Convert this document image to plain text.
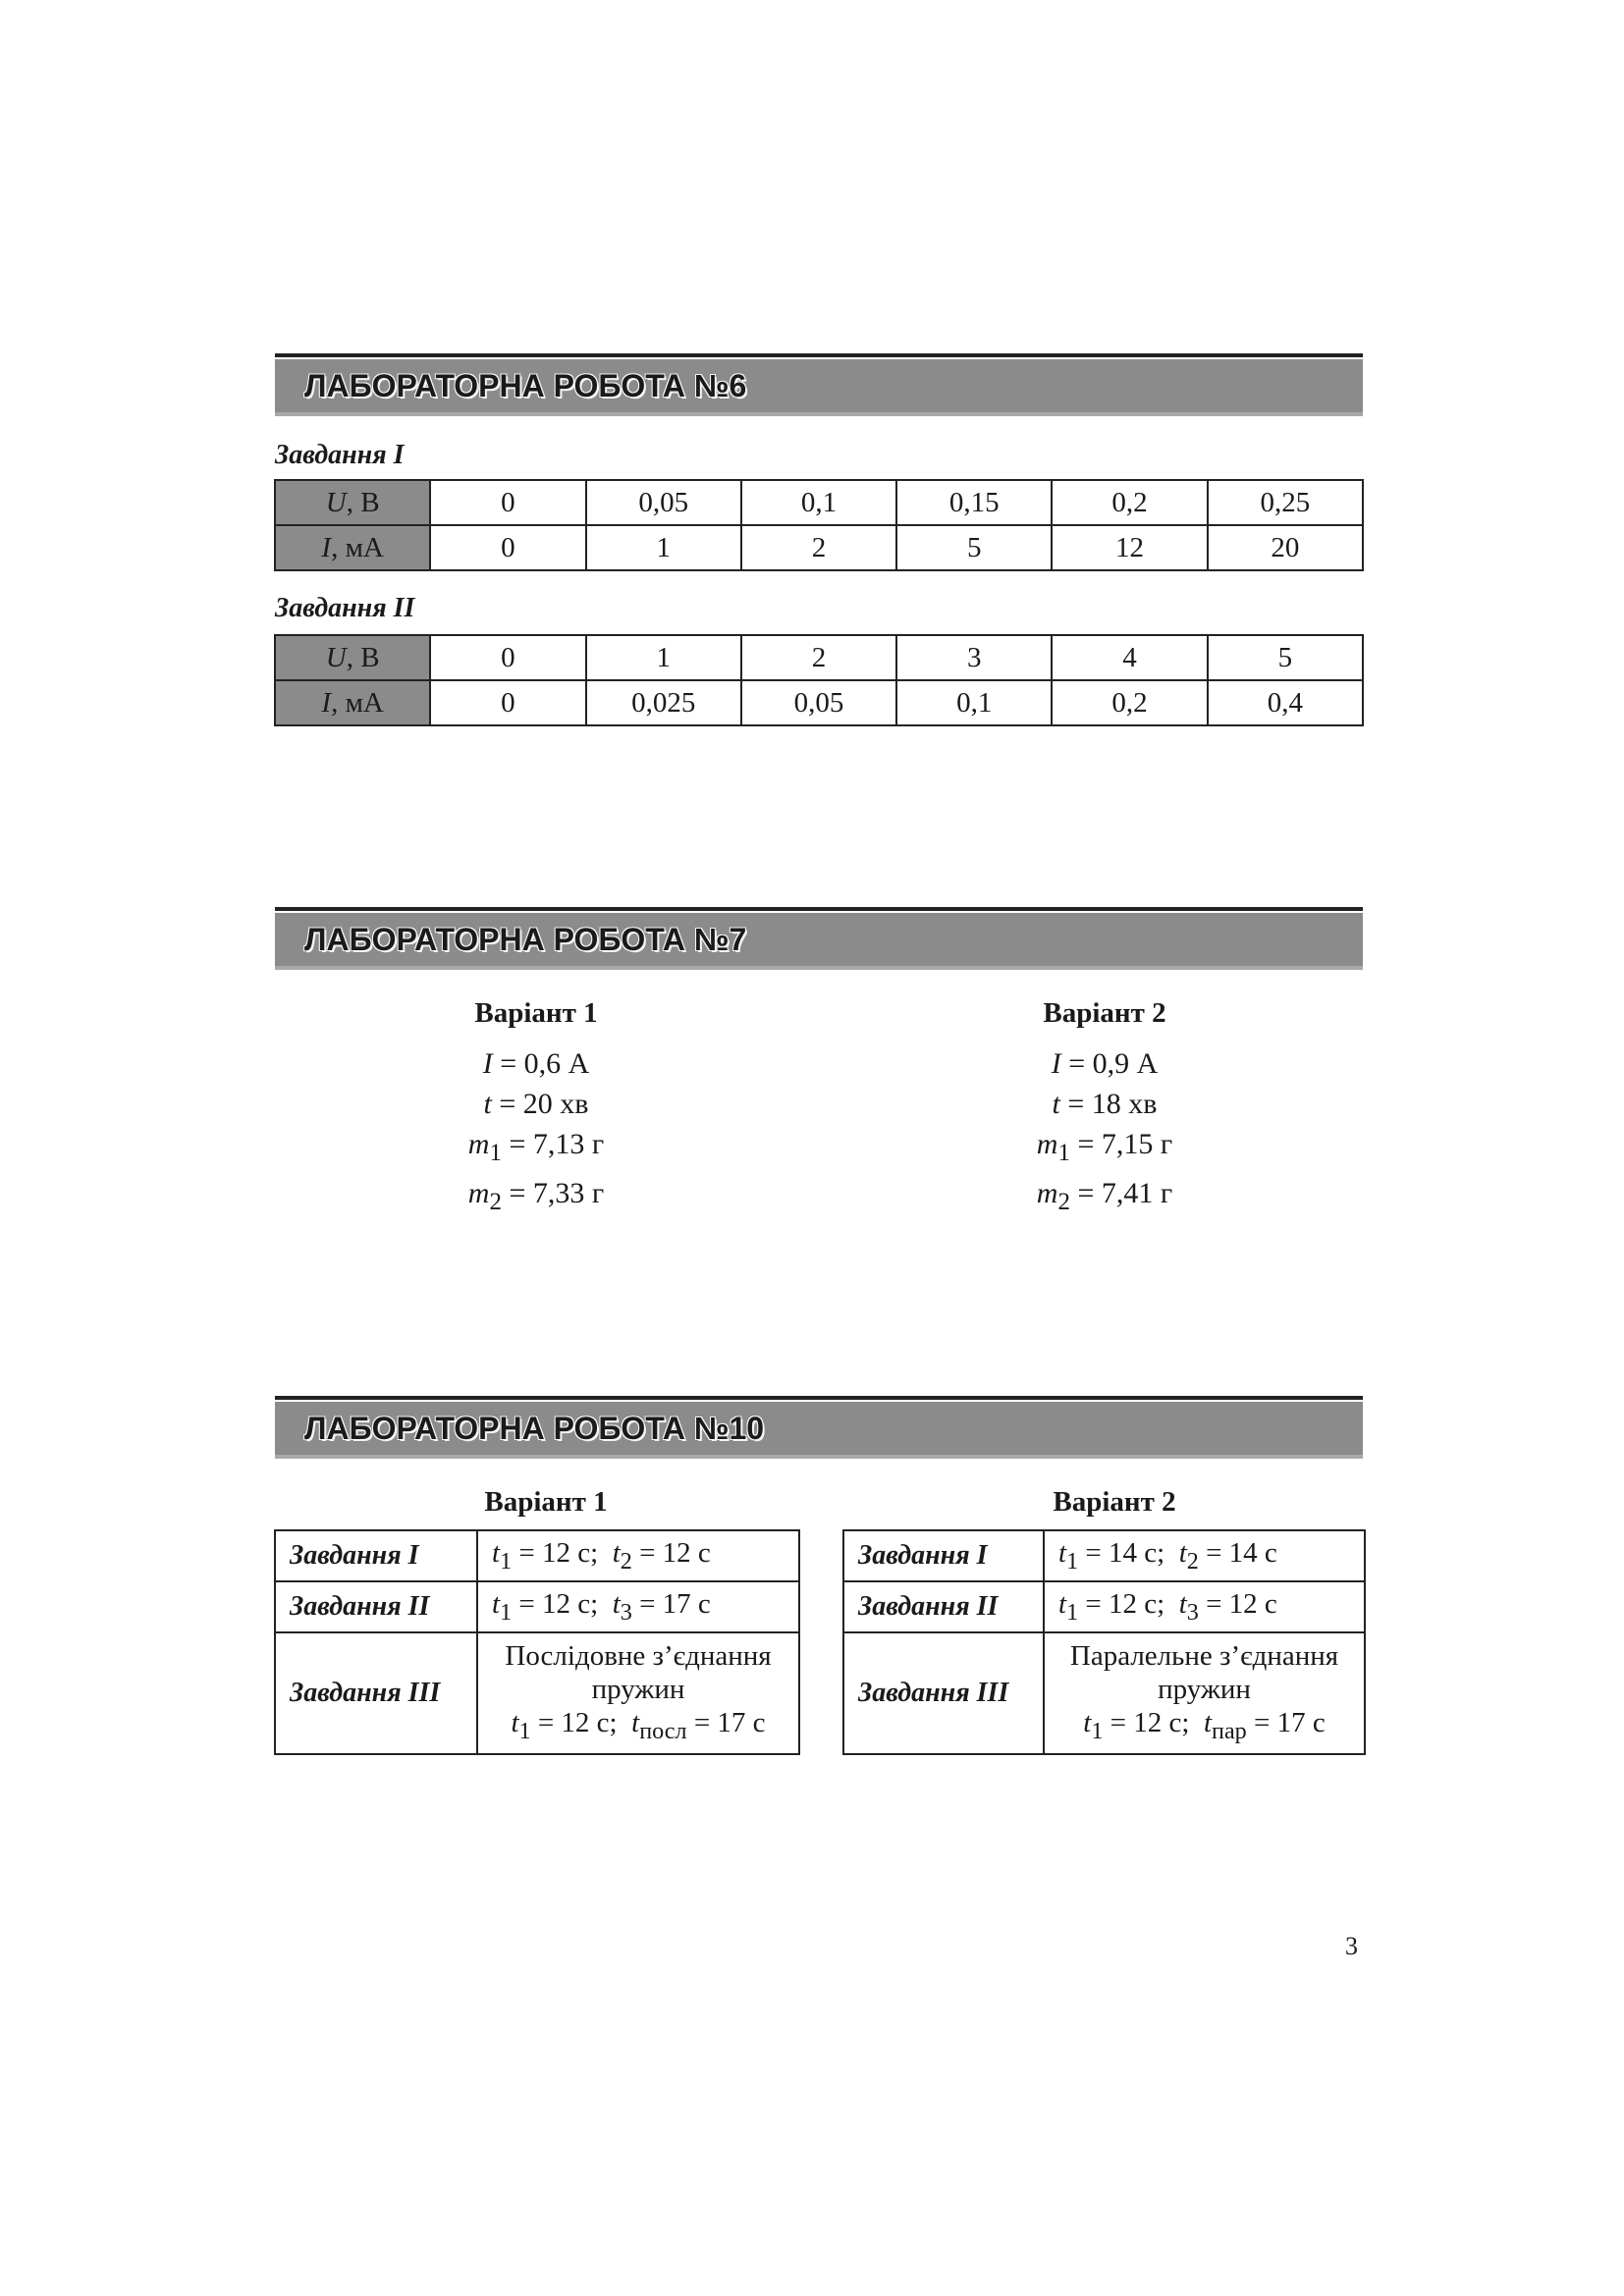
ЛАБОРАТОРНА РОБОТА №6
Завдання I
U, В	0	0,05	0,1	0,15	0,2	0,25
I, мА	0	1	2	5	12	20
Завдання II
U, В	0	1	2	3	4	5
I, мА	0	0,025	0,05	0,1	0,2	0,4
ЛАБОРАТОРНА РОБОТА №7
Варіант 1
I = 0,6 А
t = 20 хв
$m_1 = 7,13$ г
$m_2 = 7,33$ г
Варіант 2
I = 0,9 А
t = 18 хв
$m_1 = 7,15$ г
$m_2 = 7,41$ г
ЛАБОРАТОРНА РОБОТА №10
Варіант 1	Варіант 2
Завдання I	$t_1 = 12$ с; $t_2 = 12$ с
Завдання II	$t_1 = 12$ с; $t_3 = 17$ с
Завдання III	Послідовне з’єднання
пружин
$t_1 = 12$ с; $t_{посл} = 17$ с
Завдання I	$t_1 = 14$ с; $t_2 = 14$ с
Завдання II	$t_1 = 12$ с; $t_3 = 12$ с
Завдання III	Паралельне з’єднання
пружин
$t_1 = 12$ с; $t_{пар} = 17$ с
3
